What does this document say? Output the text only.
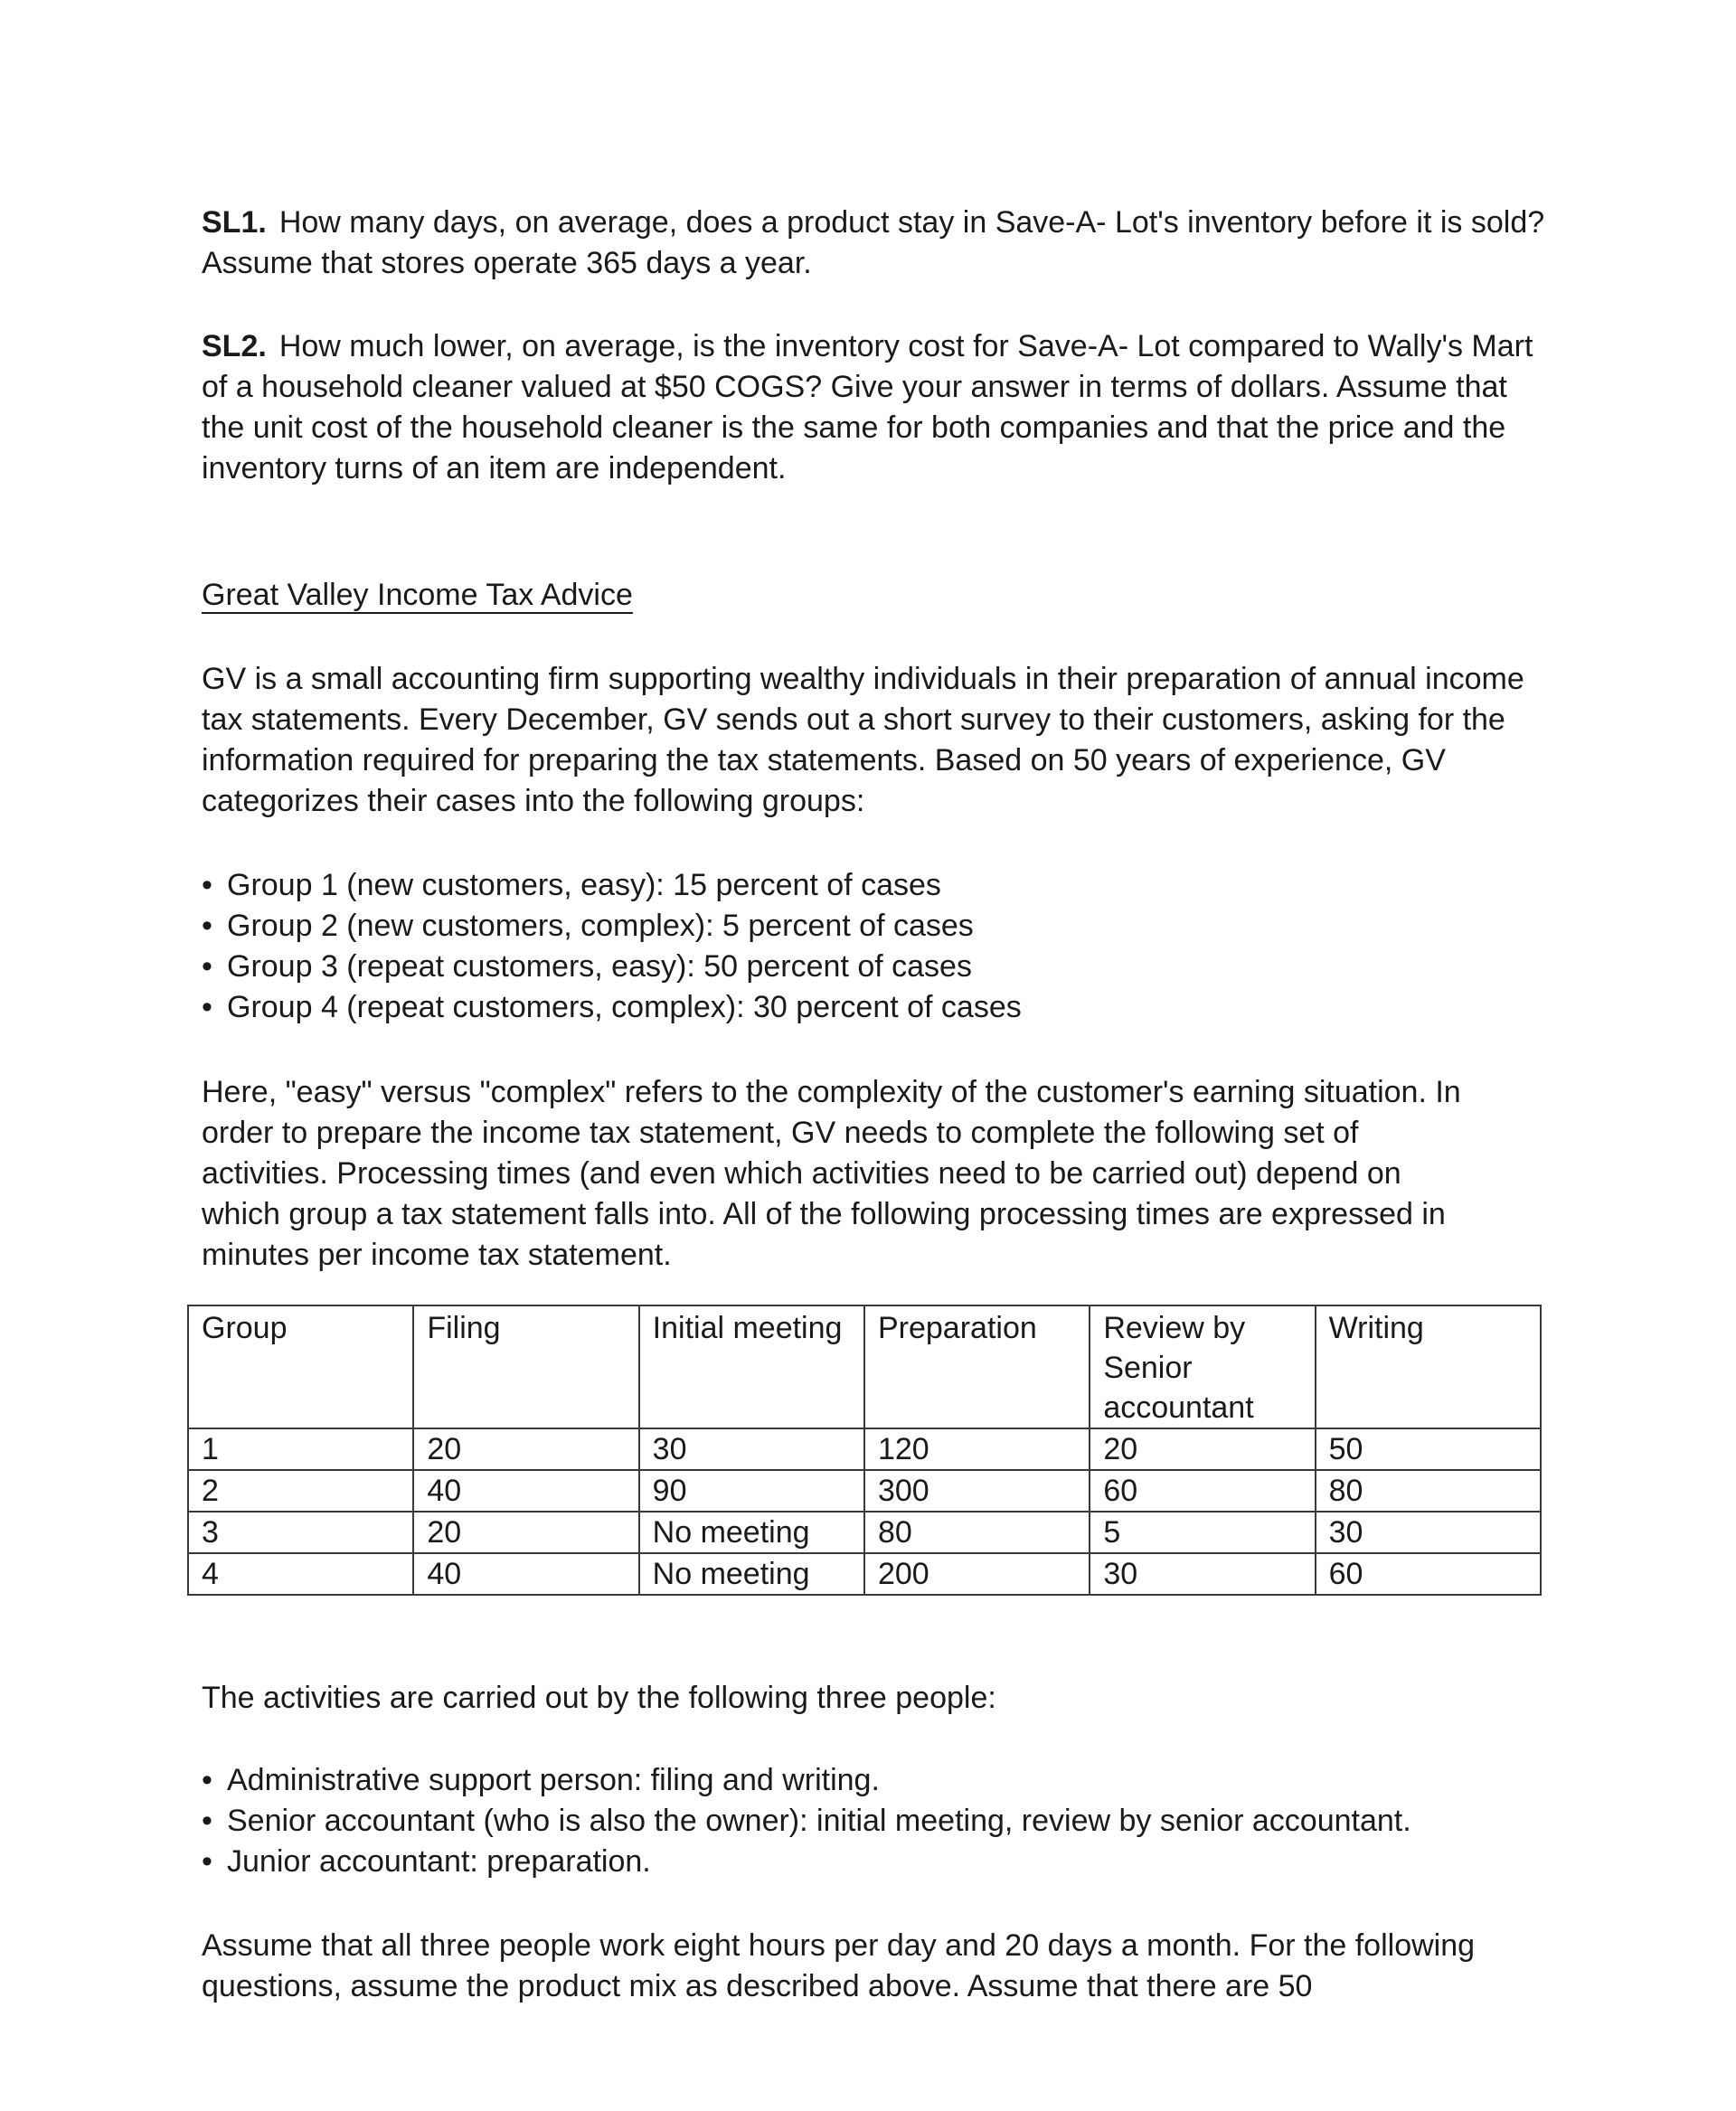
SL1. How many days, on average, does a product stay in Save-A- Lot's inventory before it is sold? Assume that stores operate 365 days a year.

SL2. How much lower, on average, is the inventory cost for Save-A- Lot compared to Wally's Mart of a household cleaner valued at $50 COGS? Give your answer in terms of dollars. Assume that the unit cost of the household cleaner is the same for both companies and that the price and the inventory turns of an item are independent.

Great Valley Income Tax Advice

GV is a small accounting firm supporting wealthy individuals in their preparation of annual income tax statements. Every December, GV sends out a short survey to their customers, asking for the information required for preparing the tax statements. Based on 50 years of experience, GV categorizes their cases into the following groups:

• Group 1 (new customers, easy): 15 percent of cases
• Group 2 (new customers, complex): 5 percent of cases
• Group 3 (repeat customers, easy): 50 percent of cases
• Group 4 (repeat customers, complex): 30 percent of cases

Here, "easy" versus "complex" refers to the complexity of the customer's earning situation. In order to prepare the income tax statement, GV needs to complete the following set of activities. Processing times (and even which activities need to be carried out) depend on which group a tax statement falls into. All of the following processing times are expressed in minutes per income tax statement.

Group	Filing	Initial meeting	Preparation	Review by Senior accountant	Writing
1	20	30	120	20	50
2	40	90	300	60	80
3	20	No meeting	80	5	30
4	40	No meeting	200	30	60

The activities are carried out by the following three people:

• Administrative support person: filing and writing.
• Senior accountant (who is also the owner): initial meeting, review by senior accountant.
• Junior accountant: preparation.

Assume that all three people work eight hours per day and 20 days a month. For the following questions, assume the product mix as described above. Assume that there are 50
